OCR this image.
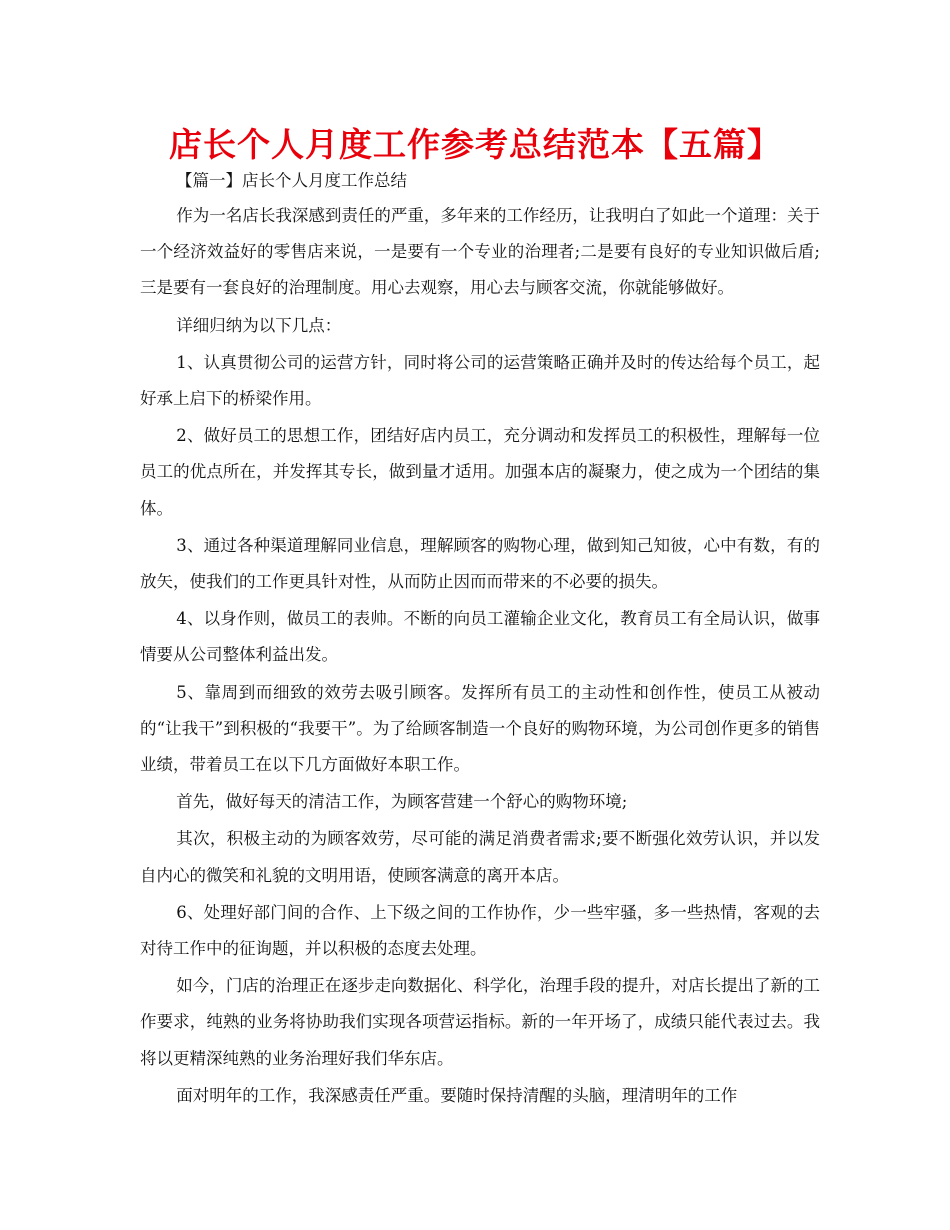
店长个人月度工作参考总结范本【五篇】

【篇一】店长个人月度工作总结

作为一名店长我深感到责任的严重，多年来的工作经历，让我明白了如此一个道理：关于一个经济效益好的零售店来说，一是要有一个专业的治理者;二是要有良好的专业知识做后盾;三是要有一套良好的治理制度。用心去观察，用心去与顾客交流，你就能够做好。

详细归纳为以下几点：

1、认真贯彻公司的运营方针，同时将公司的运营策略正确并及时的传达给每个员工，起好承上启下的桥梁作用。

2、做好员工的思想工作，团结好店内员工，充分调动和发挥员工的积极性，理解每一位员工的优点所在，并发挥其专长，做到量才适用。加强本店的凝聚力，使之成为一个团结的集体。

3、通过各种渠道理解同业信息，理解顾客的购物心理，做到知己知彼，心中有数，有的放矢，使我们的工作更具针对性，从而防止因而而带来的不必要的损失。

4、以身作则，做员工的表帅。不断的向员工灌输企业文化，教育员工有全局认识，做事情要从公司整体利益出发。

5、靠周到而细致的效劳去吸引顾客。发挥所有员工的主动性和创作性，使员工从被动的“让我干”到积极的“我要干”。为了给顾客制造一个良好的购物环境，为公司创作更多的销售业绩，带着员工在以下几方面做好本职工作。

首先，做好每天的清洁工作，为顾客营建一个舒心的购物环境;

其次，积极主动的为顾客效劳，尽可能的满足消费者需求;要不断强化效劳认识，并以发自内心的微笑和礼貌的文明用语，使顾客满意的离开本店。

6、处理好部门间的合作、上下级之间的工作协作，少一些牢骚，多一些热情，客观的去对待工作中的征询题，并以积极的态度去处理。

如今，门店的治理正在逐步走向数据化、科学化，治理手段的提升，对店长提出了新的工作要求，纯熟的业务将协助我们实现各项营运指标。新的一年开场了，成绩只能代表过去。我将以更精深纯熟的业务治理好我们华东店。

面对明年的工作，我深感责任严重。要随时保持清醒的头脑，理清明年的工作
